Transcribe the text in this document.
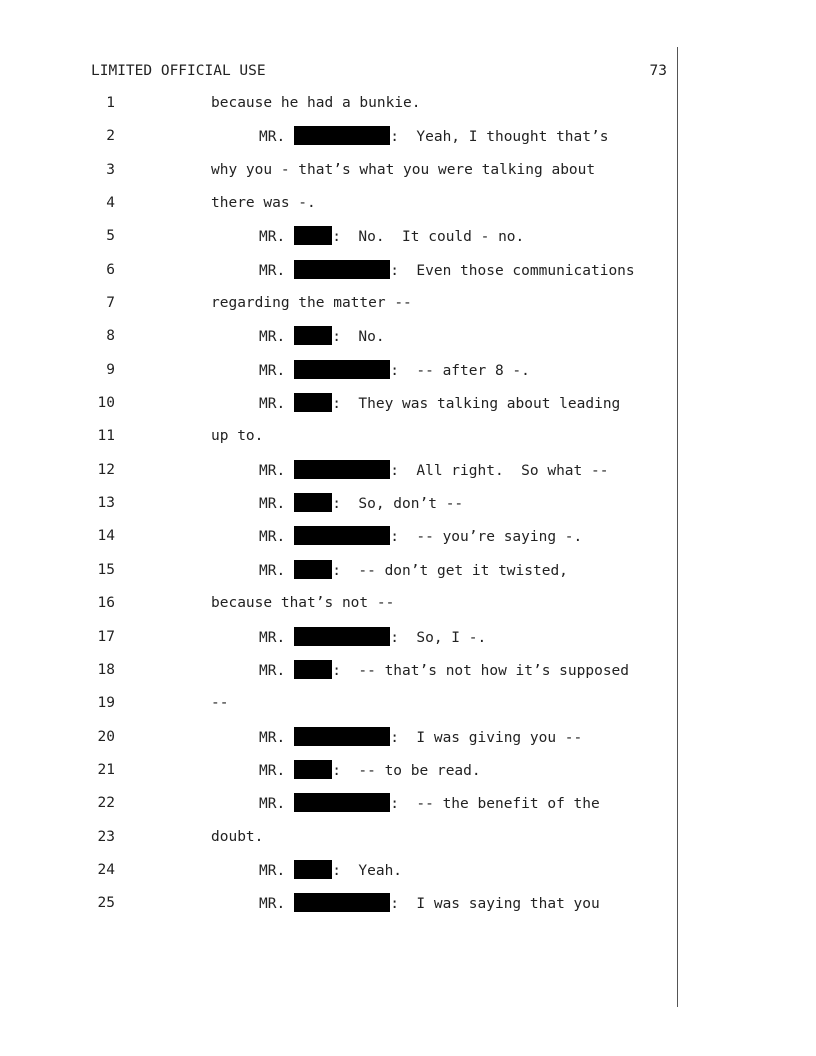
LIMITED OFFICIAL USE	73
1	because he had a bunkie.
2	MR.	:  Yeah, I thought that’s
3	why you - that’s what you were talking about
4	there was -.
5	MR.	:  No.  It could - no.
6	MR.	:  Even those communications
7	regarding the matter --
8	MR.	:  No.
9	MR.	:  -- after 8 -.
10	MR.	:  They was talking about leading
11	up to.
12	MR.	:  All right.  So what --
13	MR.	:  So, don’t --
14	MR.	:  -- you’re saying -.
15	MR.	:  -- don’t get it twisted,
16	because that’s not --
17	MR.	:  So, I -.
18	MR.	:  -- that’s not how it’s supposed
19	--
20	MR.	:  I was giving you --
21	MR.	:  -- to be read.
22	MR.	:  -- the benefit of the
23	doubt.
24	MR.	:  Yeah.
25	MR.	:  I was saying that you
